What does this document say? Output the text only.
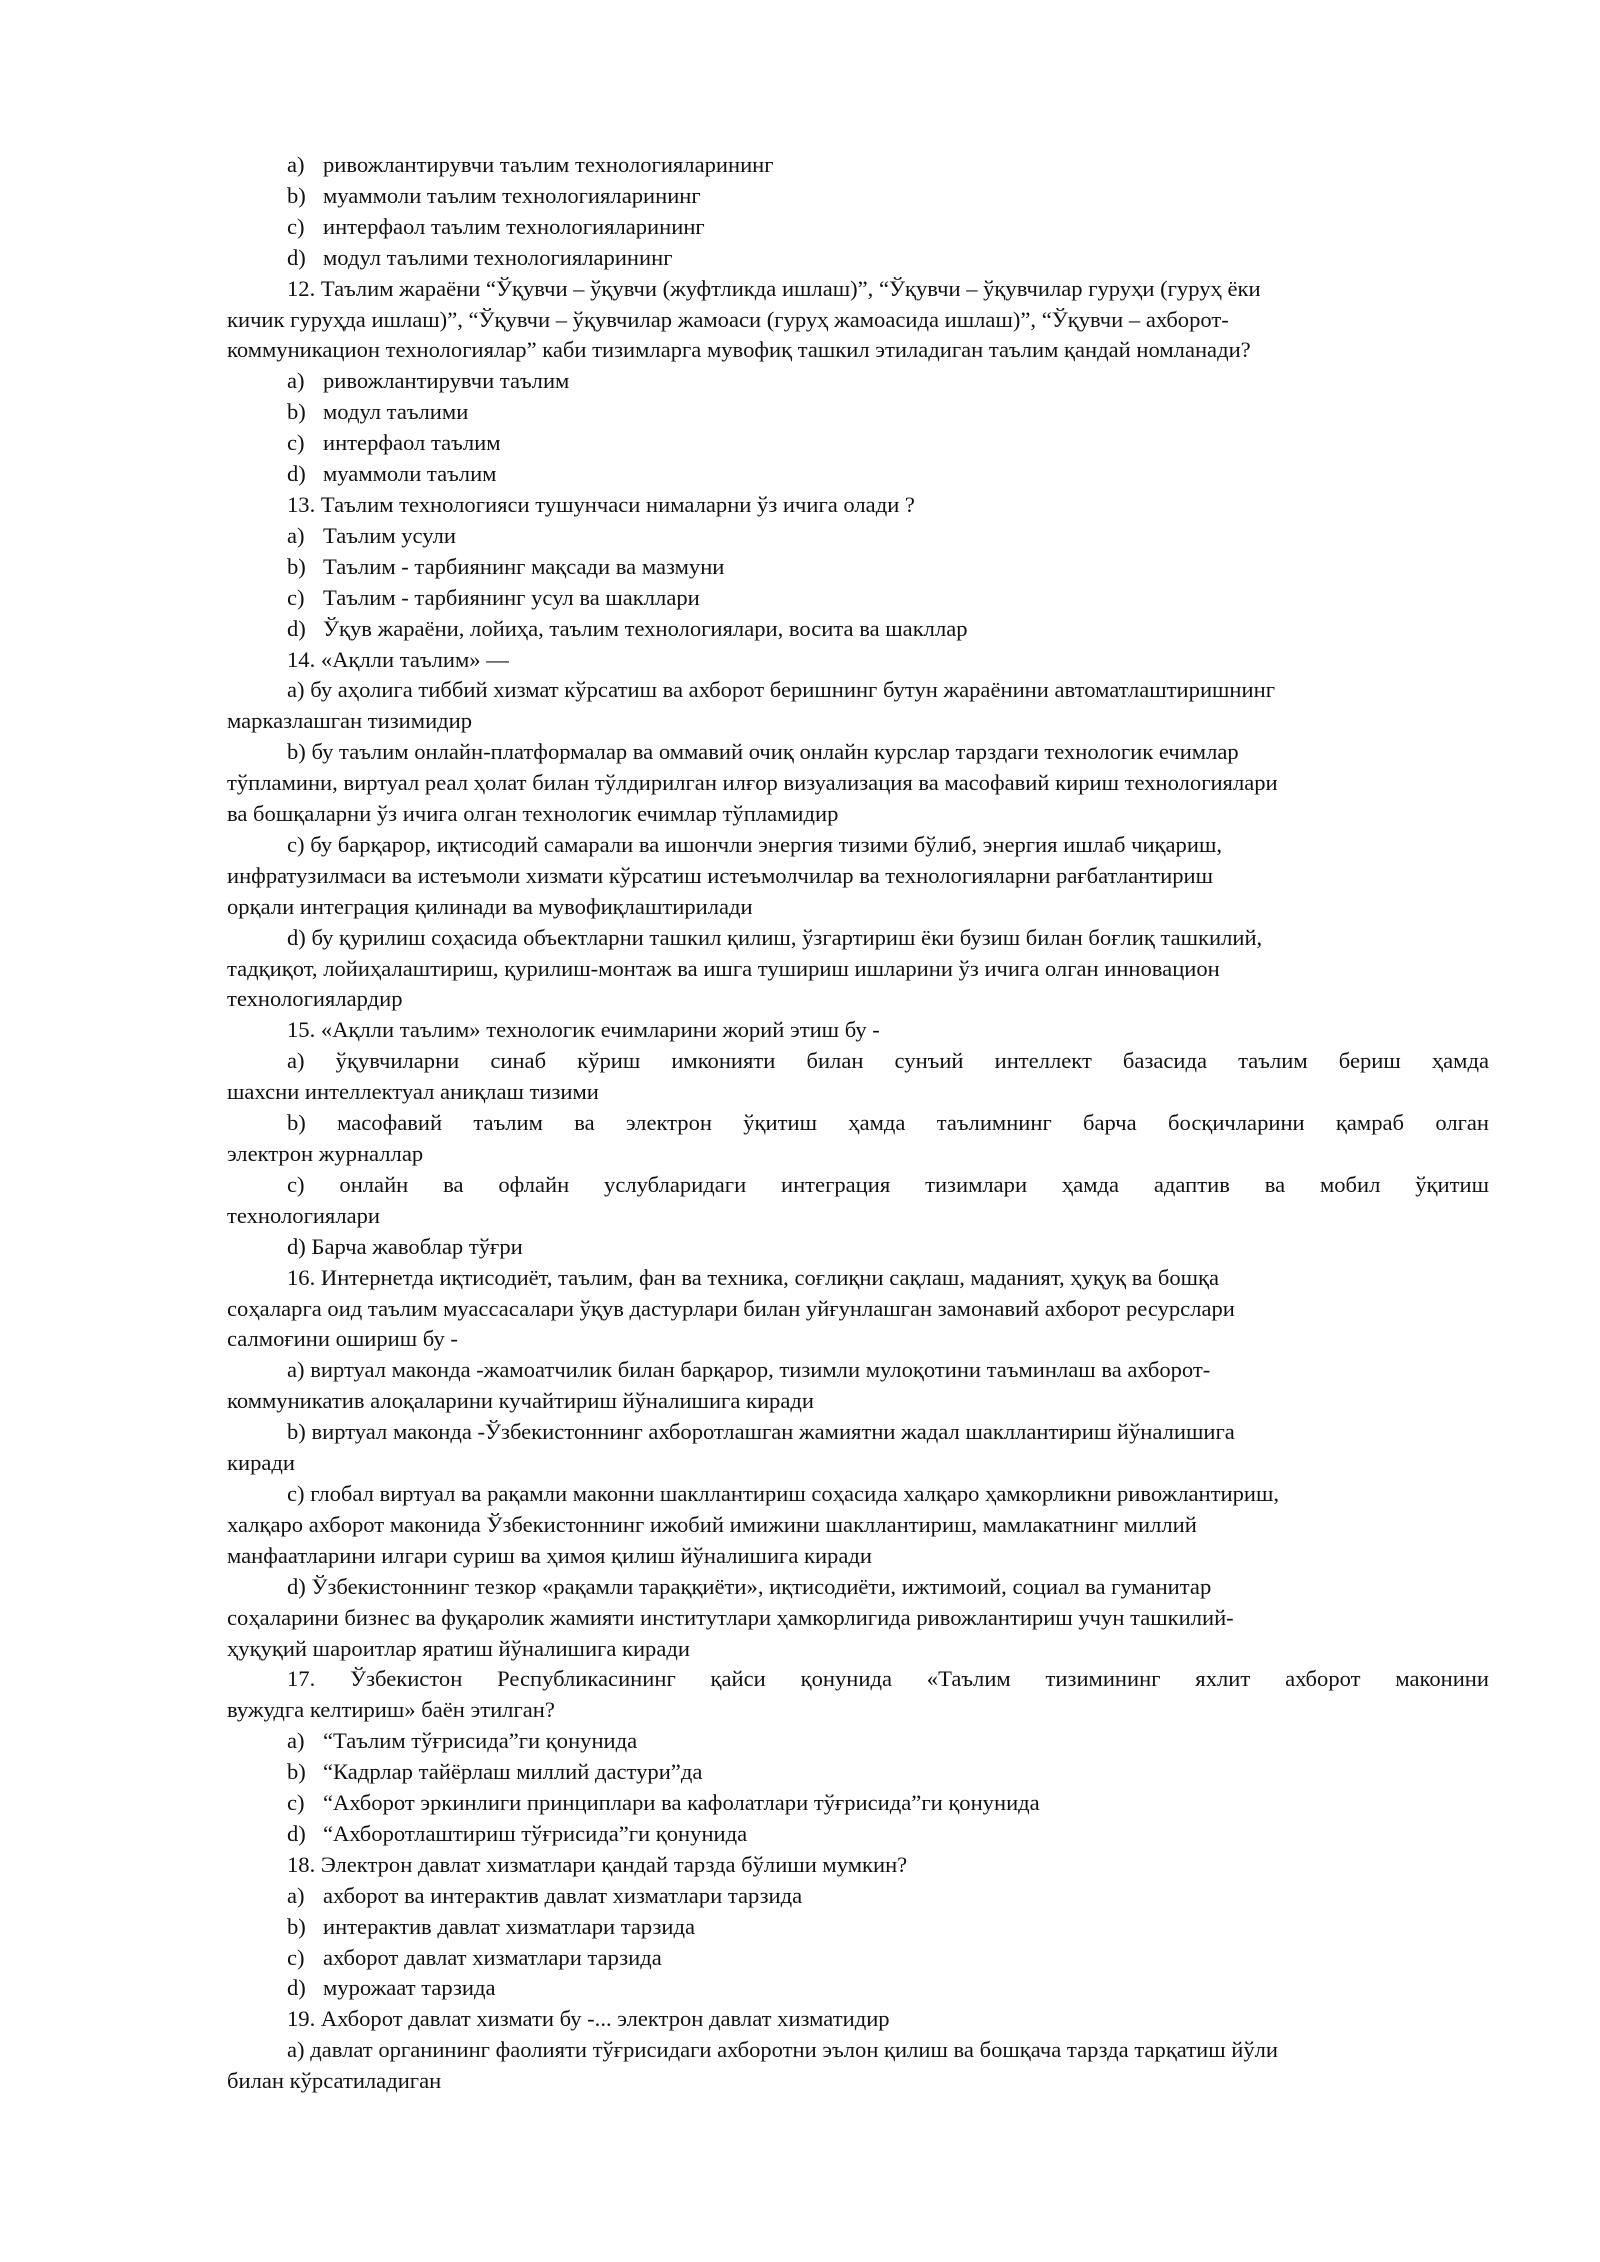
a) ривожлантирувчи таълим технологияларининг
b) муаммоли таълим технологияларининг
c) интерфаол таълим технологияларининг
d) модул таълими технологияларининг
12. Таълим жараёни “Ўқувчи – ўқувчи (жуфтликда ишлаш)”, “Ўқувчи – ўқувчилар гуруҳи (гуруҳ ёки
кичик гуруҳда ишлаш)”, “Ўқувчи – ўқувчилар жамоаси (гуруҳ жамоасида ишлаш)”, “Ўқувчи – ахборот-
коммуникацион технологиялар” каби тизимларга мувофиқ ташкил этиладиган таълим қандай номланади?
a) ривожлантирувчи таълим
b) модул таълими
c) интерфаол таълим
d) муаммоли таълим
13. Таълим технологияси тушунчаси нималарни ўз ичига олади ?
a) Таълим усули
b) Таълим - тарбиянинг мақсади ва мазмуни
c) Таълим - тарбиянинг усул ва шакллари
d) Ўқув жараёни, лойиҳа, таълим технологиялари, восита ва шакллар
14. «Ақлли таълим» —
a) бу аҳолига тиббий хизмат кўрсатиш ва ахборот беришнинг бутун жараёнини автоматлаштиришнинг
марказлашган тизимидир
b) бу таълим онлайн-платформалар ва оммавий очиқ онлайн курслар тарздаги технологик ечимлар
тўпламини, виртуал реал ҳолат билан тўлдирилган илғор визуализация ва масофавий кириш технологиялари
ва бошқаларни ўз ичига олган технологик ечимлар тўпламидир
c) бу барқарор, иқтисодий самарали ва ишончли энергия тизими бўлиб, энергия ишлаб чиқариш,
инфратузилмаси ва истеъмоли хизмати кўрсатиш истеъмолчилар ва технологияларни рағбатлантириш
орқали интеграция қилинади ва мувофиқлаштирилади
d) бу қурилиш соҳасида объектларни ташкил қилиш, ўзгартириш ёки бузиш билан боғлиқ ташкилий,
тадқиқот, лойиҳалаштириш, қурилиш-монтаж ва ишга тушириш ишларини ўз ичига олган инновацион
технологиялардир
15. «Ақлли таълим» технологик ечимларини жорий этиш бу -
a) ўқувчиларни синаб кўриш имконияти билан сунъий интеллект базасида таълим бериш ҳамда
шахсни интеллектуал аниқлаш тизими
b) масофавий таълим ва электрон ўқитиш ҳамда таълимнинг барча босқичларини қамраб олган
электрон журналлар
c) онлайн ва офлайн услубларидаги интеграция тизимлари ҳамда адаптив ва мобил ўқитиш
технологиялари
d) Барча жавоблар тўғри
16. Интернетда иқтисодиёт, таълим, фан ва техника, соғлиқни сақлаш, маданият, ҳуқуқ ва бошқа
соҳаларга оид таълим муассасалари ўқув дастурлари билан уйғунлашган замонавий ахборот ресурслари
салмоғини ошириш бу -
a) виртуал маконда -жамоатчилик билан барқарор, тизимли мулоқотини таъминлаш ва ахборот-
коммуникатив алоқаларини кучайтириш йўналишига киради
b) виртуал маконда -Ўзбекистоннинг ахборотлашган жамиятни жадал шакллантириш йўналишига
киради
c) глобал виртуал ва рақамли маконни шакллантириш соҳасида халқаро ҳамкорликни ривожлантириш,
халқаро ахборот маконида Ўзбекистоннинг ижобий имижини шакллантириш, мамлакатнинг миллий
манфаатларини илгари суриш ва ҳимоя қилиш йўналишига киради
d) Ўзбекистоннинг тезкор «рақамли тараққиёти», иқтисодиёти, ижтимоий, социал ва гуманитар
соҳаларини бизнес ва фуқаролик жамияти институтлари ҳамкорлигида ривожлантириш учун ташкилий-
ҳуқуқий шароитлар яратиш йўналишига киради
17. Ўзбекистон Республикасининг қайси қонунида «Таълим тизимининг яхлит ахборот маконини
вужудга келтириш» баён этилган?
a) “Таълим тўғрисида”ги қонунида
b) “Кадрлар тайёрлаш миллий дастури”да
c) “Ахборот эркинлиги принциплари ва кафолатлари тўғрисида”ги қонунида
d) “Ахборотлаштириш тўғрисида”ги қонунида
18. Электрон давлат хизматлари қандай тарзда бўлиши мумкин?
a) ахборот ва интерактив давлат хизматлари тарзида
b) интерактив давлат хизматлари тарзида
c) ахборот давлат хизматлари тарзида
d) мурожаат тарзида
19. Ахборот давлат хизмати бу -... электрон давлат хизматидир
a) давлат органининг фаолияти тўғрисидаги ахборотни эълон қилиш ва бошқача тарзда тарқатиш йўли
билан кўрсатиладиган
